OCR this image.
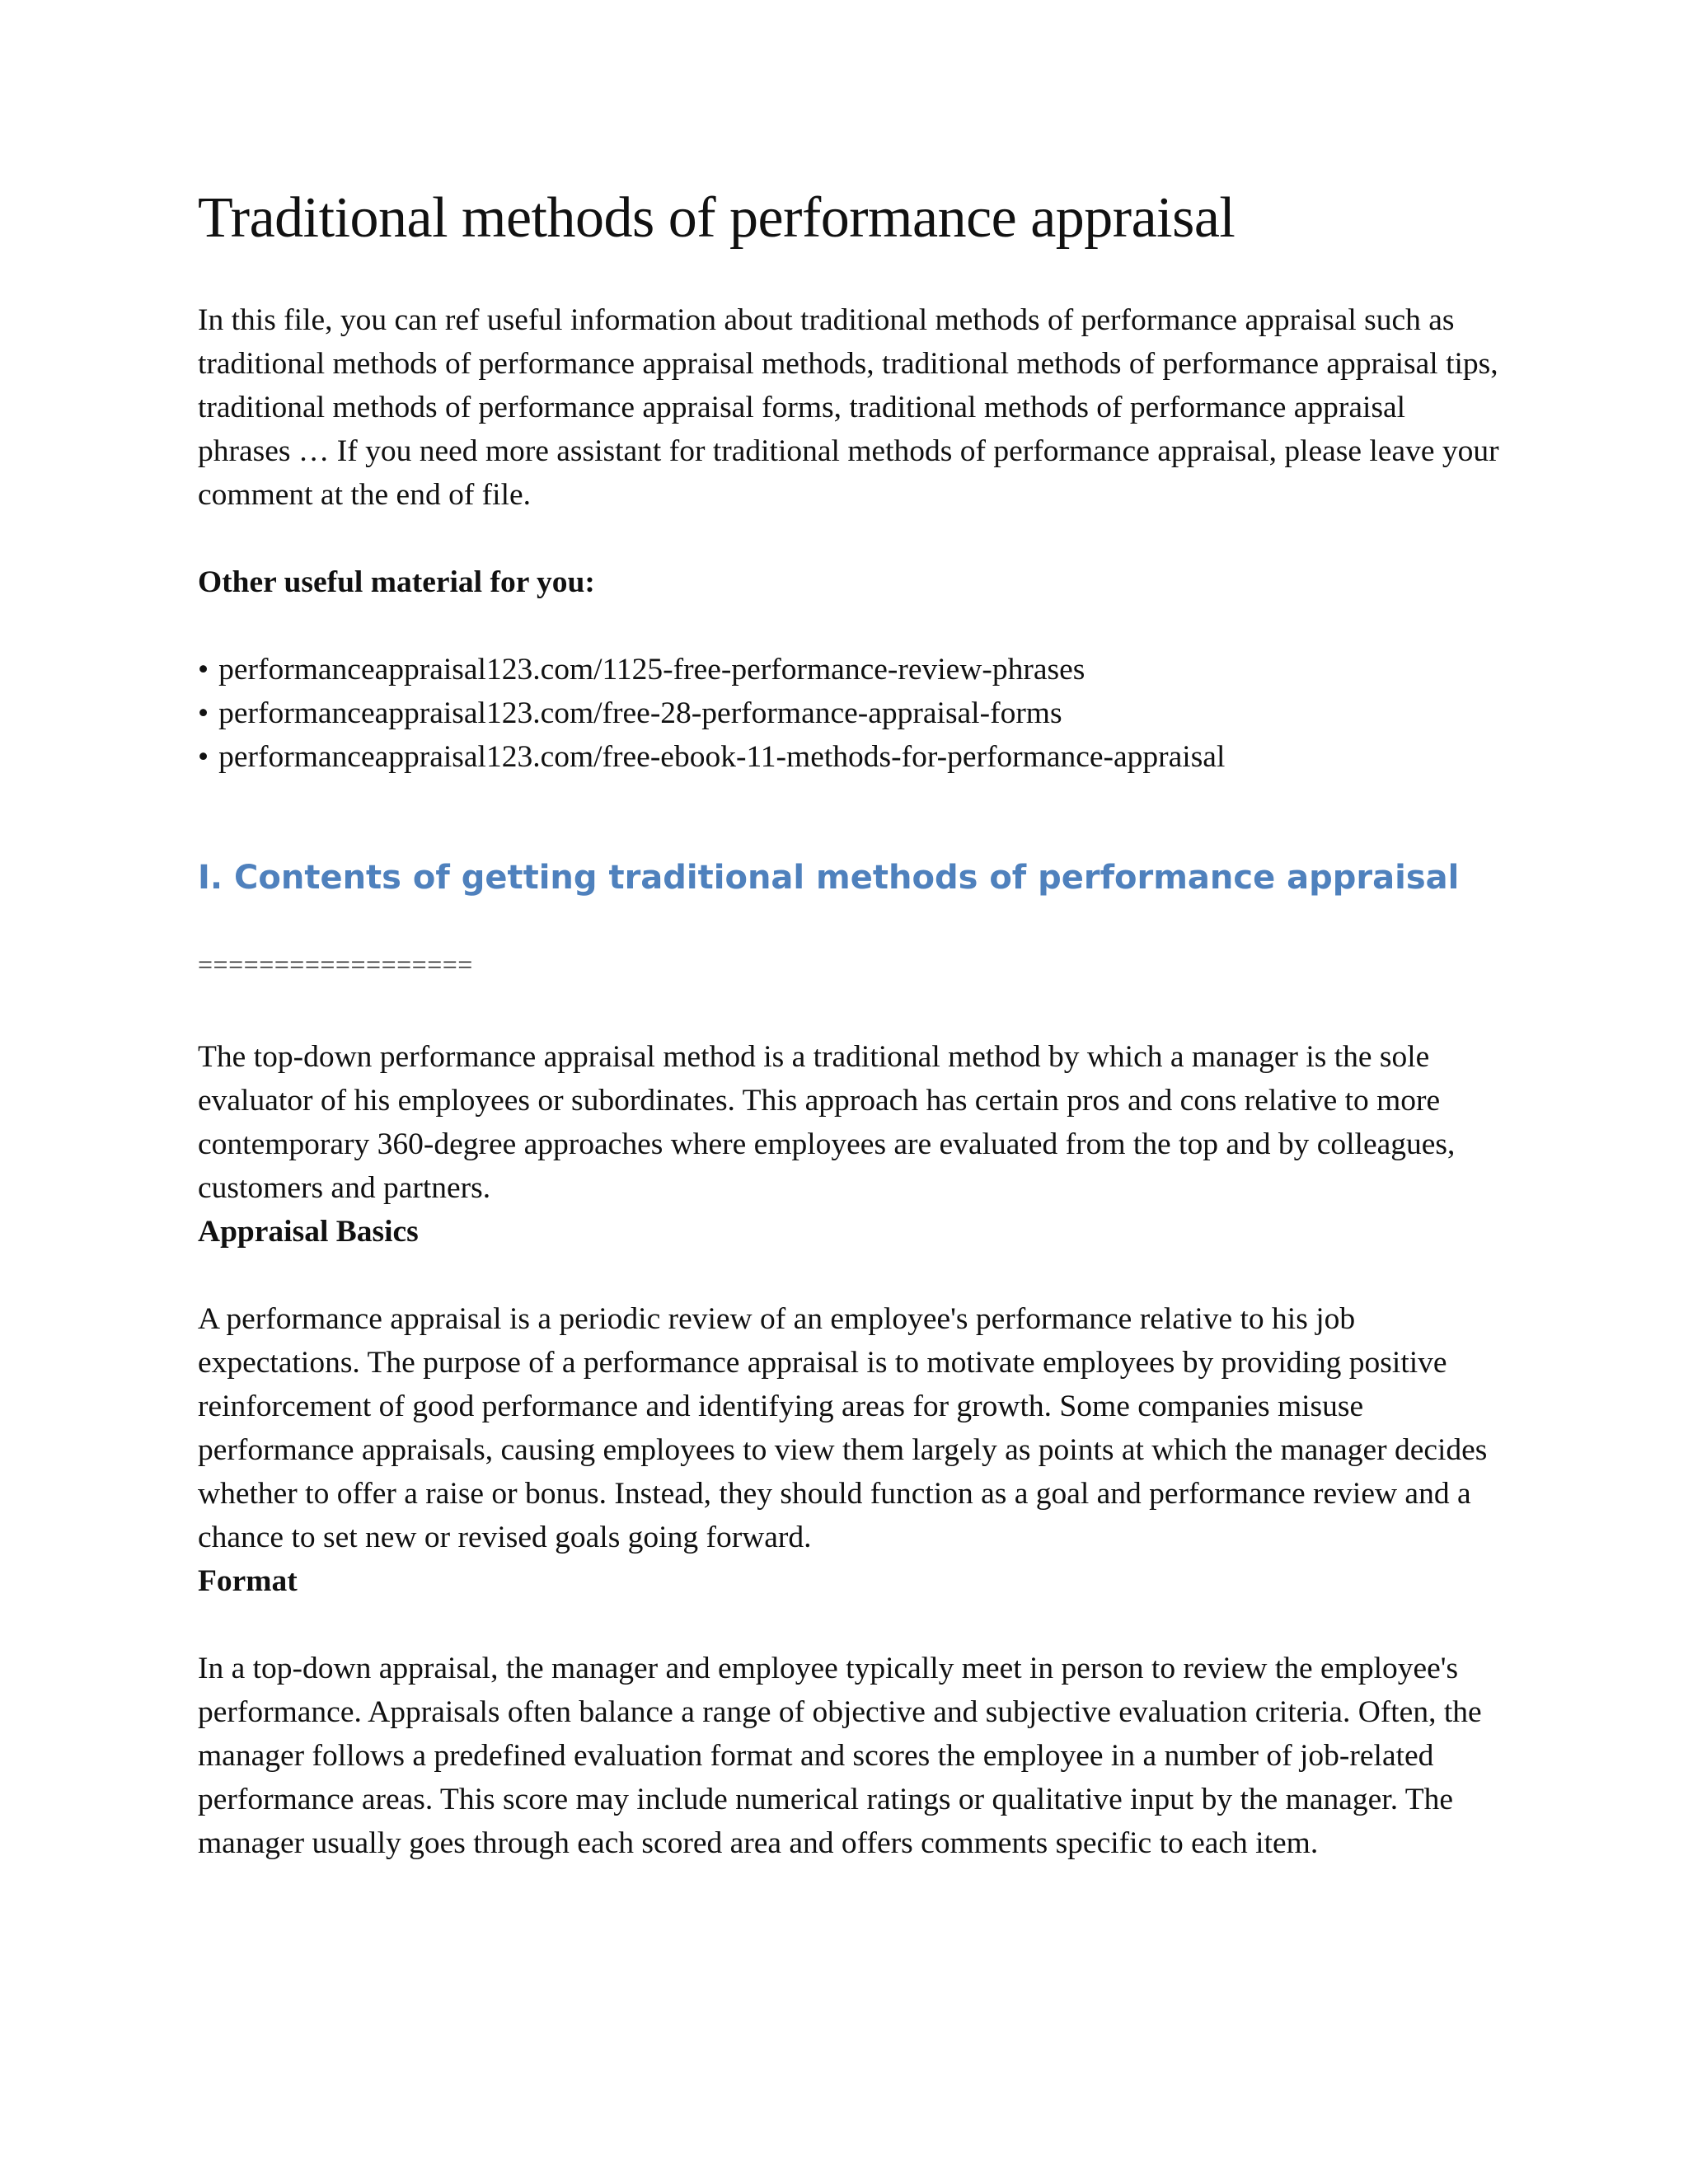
Traditional methods of performance appraisal

In this file, you can ref useful information about traditional methods of performance appraisal such as traditional methods of performance appraisal methods, traditional methods of performance appraisal tips, traditional methods of performance appraisal forms, traditional methods of performance appraisal phrases … If you need more assistant for traditional methods of performance appraisal, please leave your comment at the end of file.

Other useful material for you:

• performanceappraisal123.com/1125-free-performance-review-phrases
• performanceappraisal123.com/free-28-performance-appraisal-forms
• performanceappraisal123.com/free-ebook-11-methods-for-performance-appraisal
I. Contents of getting traditional methods of performance appraisal
==================

The top-down performance appraisal method is a traditional method by which a manager is the sole evaluator of his employees or subordinates. This approach has certain pros and cons relative to more contemporary 360-degree approaches where employees are evaluated from the top and by colleagues, customers and partners.

Appraisal Basics

A performance appraisal is a periodic review of an employee's performance relative to his job expectations. The purpose of a performance appraisal is to motivate employees by providing positive reinforcement of good performance and identifying areas for growth. Some companies misuse performance appraisals, causing employees to view them largely as points at which the manager decides whether to offer a raise or bonus. Instead, they should function as a goal and performance review and a chance to set new or revised goals going forward.

Format

In a top-down appraisal, the manager and employee typically meet in person to review the employee's performance. Appraisals often balance a range of objective and subjective evaluation criteria. Often, the manager follows a predefined evaluation format and scores the employee in a number of job-related performance areas. This score may include numerical ratings or qualitative input by the manager. The manager usually goes through each scored area and offers comments specific to each item.
